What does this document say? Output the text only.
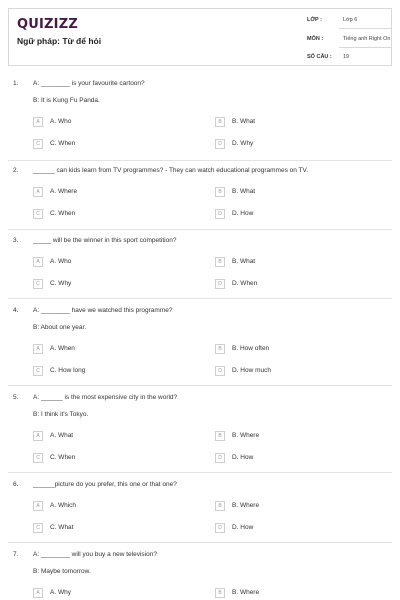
QUIZIZZ
Ngữ pháp: Từ để hỏi
LỚP :	Lớp 6
MÔN :	Tiếng anh Right On
SỐ CÂU : 19
1. A: ________ is your favourite cartoon?
B: It is Kung Fu Panda.
A	A. Who	B	B. What
C	C. When	D	D. Why
2. ______ can kids learn from TV programmes? - They can watch educational programmes on TV.
A	A. Where	B	B. What
C	C. When	D	D. How
3. _____ will be the winner in this sport competition?
A	A. Who	B	B. What
C	C. Why	D	D. When
4. A: ________ have we watched this programme?
B: About one year.
A	A. When	B	B. How often
C	C. How long	D	D. How much
5. A: ______ is the most expensive city in the world?
B: I think it's Tokyo.
A	A. What	B	B. Where
C	C. When	D	D. How
6. ______picture do you prefer, this one or that one?
A	A. Which	B	B. Where
C	C. What	D	D. How
7. A: ________ will you buy a new television?
B: Maybe tomorrow.
A	A. Why	B	B. Where
